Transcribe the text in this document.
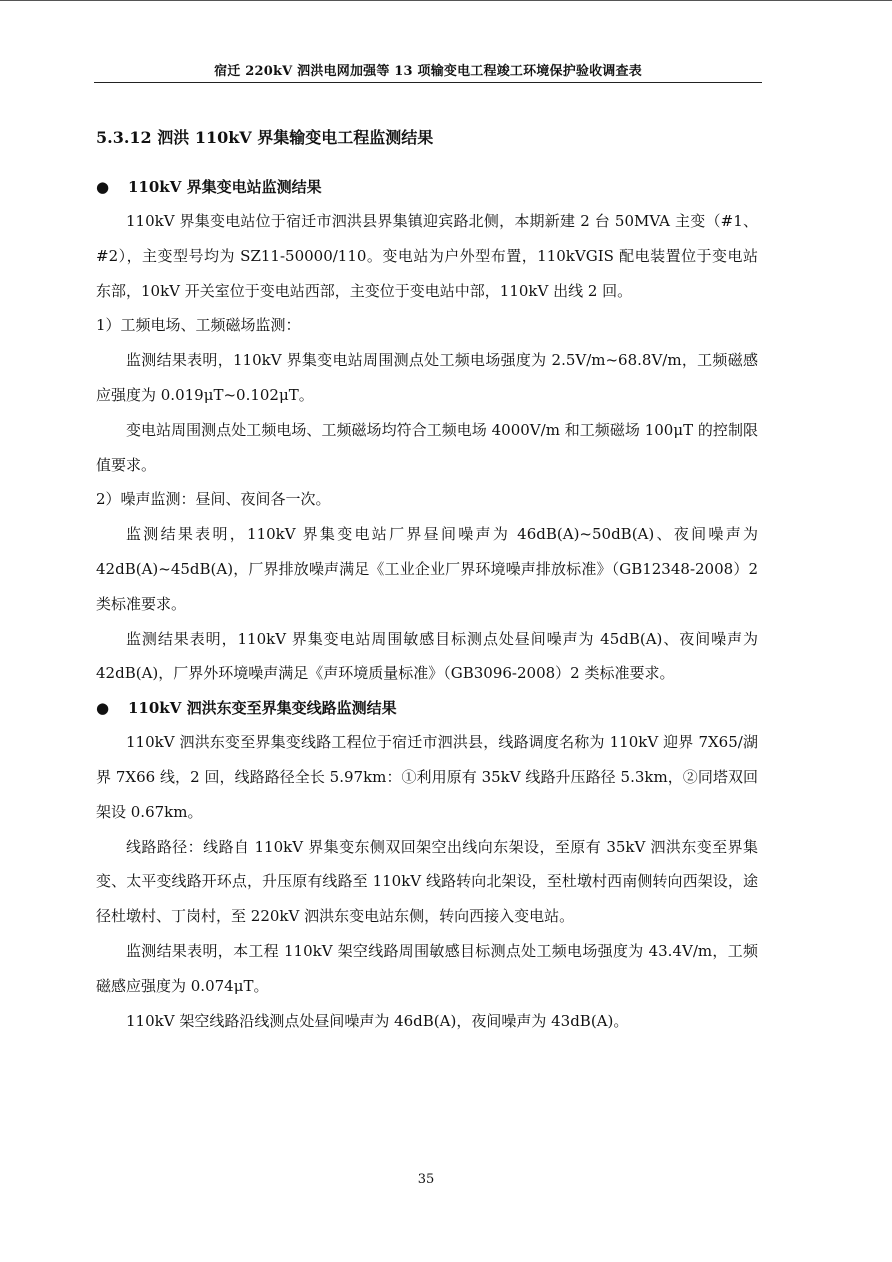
宿迁 220kV 泗洪电网加强等 13 项输变电工程竣工环境保护验收调查表
5.3.12 泗洪 110kV 界集输变电工程监测结果
● 110kV 界集变电站监测结果

110kV 界集变电站位于宿迁市泗洪县界集镇迎宾路北侧，本期新建 2 台 50MVA 主变（#1、#2），主变型号均为 SZ11-50000/110。变电站为户外型布置，110kVGIS 配电装置位于变电站东部，10kV 开关室位于变电站西部，主变位于变电站中部，110kV 出线 2 回。

1）工频电场、工频磁场监测：

监测结果表明，110kV 界集变电站周围测点处工频电场强度为 2.5V/m~68.8V/m，工频磁感应强度为 0.019μT~0.102μT。

变电站周围测点处工频电场、工频磁场均符合工频电场 4000V/m 和工频磁场 100μT 的控制限值要求。

2）噪声监测：昼间、夜间各一次。

监测结果表明，110kV 界集变电站厂界昼间噪声为 46dB(A)~50dB(A)、夜间噪声为 42dB(A)~45dB(A)，厂界排放噪声满足《工业企业厂界环境噪声排放标准》（GB12348-2008）2 类标准要求。

监测结果表明，110kV 界集变电站周围敏感目标测点处昼间噪声为 45dB(A)、夜间噪声为 42dB(A)，厂界外环境噪声满足《声环境质量标准》（GB3096-2008）2 类标准要求。

● 110kV 泗洪东变至界集变线路监测结果

110kV 泗洪东变至界集变线路工程位于宿迁市泗洪县，线路调度名称为 110kV 迎界 7X65/湖界 7X66 线，2 回，线路路径全长 5.97km：①利用原有 35kV 线路升压路径 5.3km，②同塔双回架设 0.67km。

线路路径：线路自 110kV 界集变东侧双回架空出线向东架设，至原有 35kV 泗洪东变至界集变、太平变线路开环点，升压原有线路至 110kV 线路转向北架设，至杜墩村西南侧转向西架设，途径杜墩村、丁岗村，至 220kV 泗洪东变电站东侧，转向西接入变电站。

监测结果表明，本工程 110kV 架空线路周围敏感目标测点处工频电场强度为 43.4V/m，工频磁感应强度为 0.074μT。

110kV 架空线路沿线测点处昼间噪声为 46dB(A)，夜间噪声为 43dB(A)。

35
